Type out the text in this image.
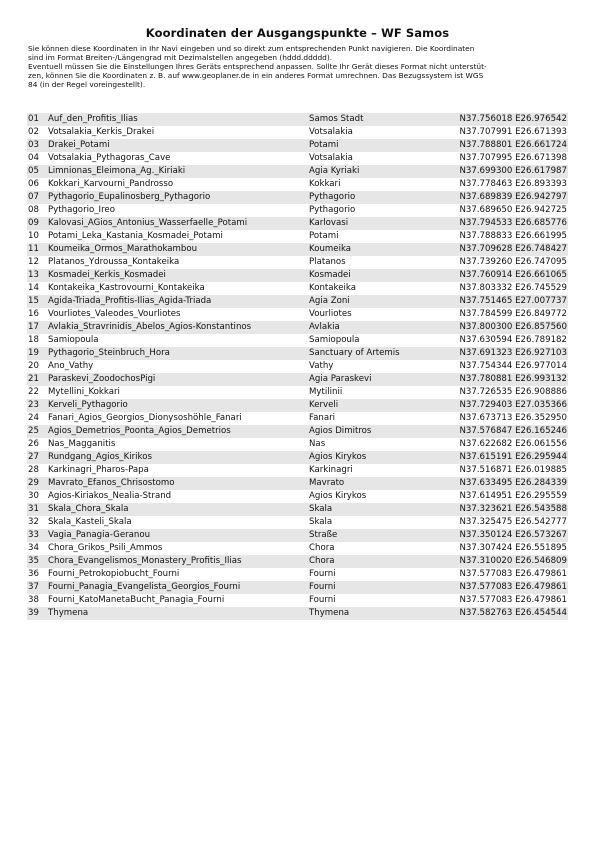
Koordinaten der Ausgangspunkte – WF Samos

Sie können diese Koordinaten in Ihr Navi eingeben und so direkt zum entsprechenden Punkt navigieren. Die Koordinaten

sind im Format Breiten-/Längengrad mit Dezimalstellen angegeben (hddd.ddddd).

Eventuell müssen Sie die Einstellungen Ihres Geräts entsprechend anpassen. Sollte Ihr Gerät dieses Format nicht unterstüt-

zen, können Sie die Koordinaten z. B. auf www.geoplaner.de in ein anderes Format umrechnen. Das Bezugssystem ist WGS

84 (in der Regel voreingestellt).

01 Auf_den_Profitis_Ilias	Samos Stadt	N37.756018 E26.976542
02 Votsalakia_Kerkis_Drakei	Votsalakia	N37.707991 E26.671393
03 Drakei_Potami	Potami	N37.788801 E26.661724
04 Votsalakia_Pythagoras_Cave	Votsalakia	N37.707995 E26.671398
05 Limnionas_Eleimona_Ag._Kiriaki	Agia Kyriaki	N37.699300 E26.617987
06 Kokkari_Karvourni_Pandrosso	Kokkari	N37.778463 E26.893393
07 Pythagorio_Eupalinosberg_Pythagorio	Pythagorio	N37.689839 E26.942797
08 Pythagorio_Ireo	Pythagorio	N37.689650 E26.942725
09 Kalovasi_AGios_Antonius_Wasserfaelle_Potami	Karlovasi	N37.794533 E26.685776
10 Potami_Leka_Kastania_Kosmadei_Potami	Potami	N37.788833 E26.661995
11 Koumeika_Ormos_Marathokambou	Koumeika	N37.709628 E26.748427
12 Platanos_Ydroussa_Kontakeika	Platanos	N37.739260 E26.747095
13 Kosmadei_Kerkis_Kosmadei	Kosmadei	N37.760914 E26.661065
14 Kontakeika_Kastrovourni_Kontakeika	Kontakeika	N37.803332 E26.745529
15 Agida-Triada_Profitis-Ilias_Agida-Triada	Agia Zoni	N37.751465 E27.007737
16 Vourliotes_Valeodes_Vourliotes	Vourliotes	N37.784599 E26.849772
17 Avlakia_Stravrinidis_Abelos_Agios-Konstantinos	Avlakia	N37.800300 E26.857560
18 Samiopoula	Samiopoula	N37.630594 E26.789182
19 Pythagorio_Steinbruch_Hora	Sanctuary of Artemis	N37.691323 E26.927103
20 Ano_Vathy	Vathy	N37.754344 E26.977014
21 Paraskevi_ZoodochosPigi	Agia Paraskevi	N37.780881 E26.993132
22 Mytellini_Kokkari	Mytilinii	N37.726535 E26.908886
23 Kerveli_Pythagorio	Kerveli	N37.729403 E27.035366
24 Fanari_Agios_Georgios_Dionysoshöhle_Fanari	Fanari	N37.673713 E26.352950
25 Agios_Demetrios_Poonta_Agios_Demetrios	Agios Dimitros	N37.576847 E26.165246
26 Nas_Magganitis	Nas	N37.622682 E26.061556
27 Rundgang_Agios_Kirikos	Agios Kirykos	N37.615191 E26.295944
28 Karkinagri_Pharos-Papa	Karkinagri	N37.516871 E26.019885
29 Mavrato_Efanos_Chrisostomo	Mavrato	N37.633495 E26.284339
30 Agios-Kiriakos_Nealia-Strand	Agios Kirykos	N37.614951 E26.295559
31 Skala_Chora_Skala	Skala	N37.323621 E26.543588
32 Skala_Kasteli_Skala	Skala	N37.325475 E26.542777
33 Vagia_Panagia-Geranou	Straße	N37.350124 E26.573267
34 Chora_Grikos_Psili_Ammos	Chora	N37.307424 E26.551895
35 Chora_Evangelismos_Monastery_Profitis_Ilias	Chora	N37.310020 E26.546809
36 Fourni_Petrokopiobucht_Fourni	Fourni	N37.577083 E26.479861
37 Fourni_Panagia_Evangelista_Georgios_Fourni	Fourni	N37.577083 E26.479861
38 Fourni_KatoManetaBucht_Panagia_Fourni	Fourni	N37.577083 E26.479861
39 Thymena	Thymena	N37.582763 E26.454544
